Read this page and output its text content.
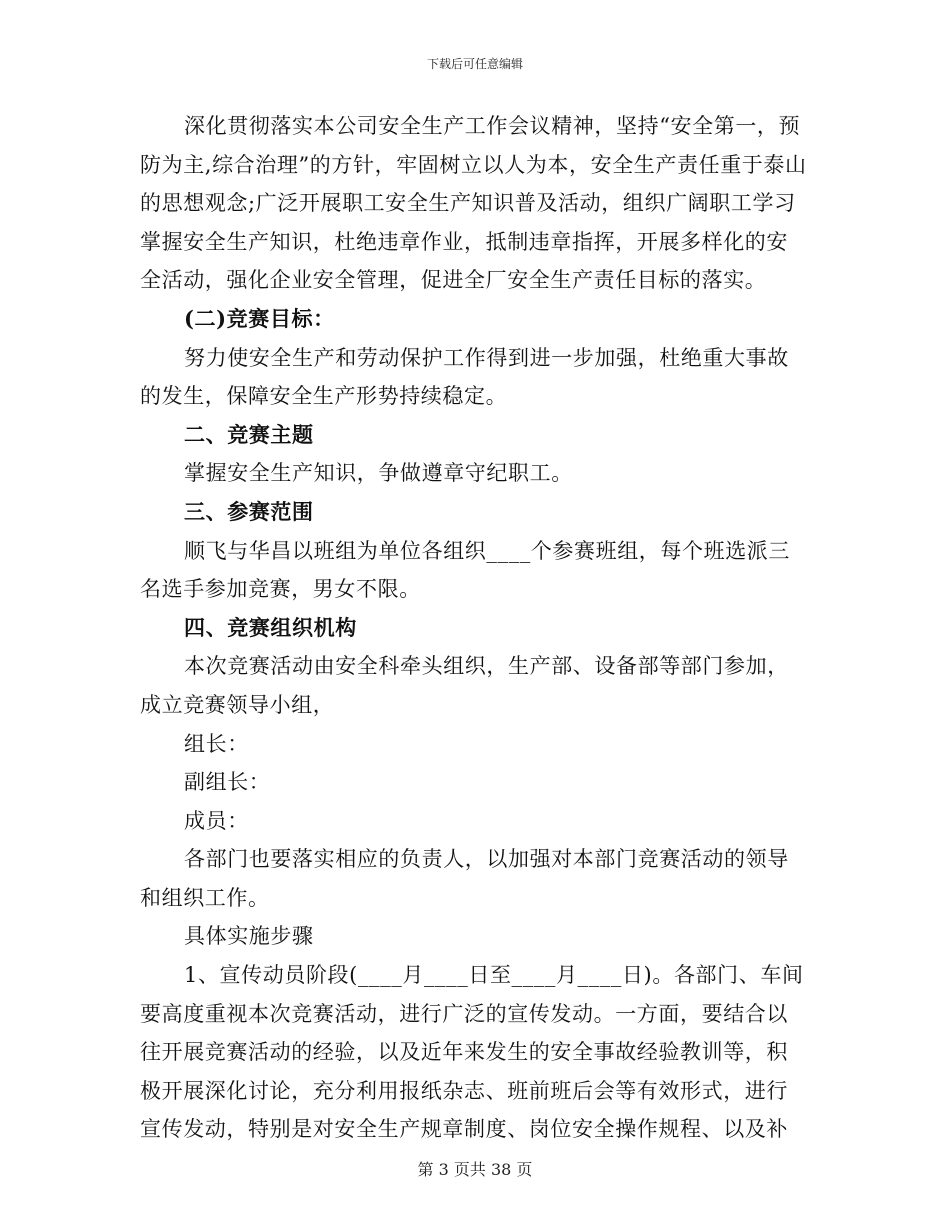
下载后可任意编辑

深化贯彻落实本公司安全生产工作会议精神，坚持“安全第一，预防为主,综合治理”的方针，牢固树立以人为本，安全生产责任重于泰山的思想观念;广泛开展职工安全生产知识普及活动，组织广阔职工学习掌握安全生产知识，杜绝违章作业，抵制违章指挥，开展多样化的安全活动，强化企业安全管理，促进全厂安全生产责任目标的落实。

(二)竞赛目标：

努力使安全生产和劳动保护工作得到进一步加强，杜绝重大事故的发生，保障安全生产形势持续稳定。

二、竞赛主题

掌握安全生产知识，争做遵章守纪职工。

三、参赛范围

顺飞与华昌以班组为单位各组织____个参赛班组，每个班选派三名选手参加竞赛，男女不限。

四、竞赛组织机构

本次竞赛活动由安全科牵头组织，生产部、设备部等部门参加，成立竞赛领导小组，

组长：

副组长：

成员：

各部门也要落实相应的负责人，以加强对本部门竞赛活动的领导和组织工作。

具体实施步骤

1、宣传动员阶段(____月____日至____月____日)。各部门、车间要高度重视本次竞赛活动，进行广泛的宣传发动。一方面，要结合以往开展竞赛活动的经验，以及近年来发生的安全事故经验教训等，积极开展深化讨论，充分利用报纸杂志、班前班后会等有效形式，进行宣传发动，特别是对安全生产规章制度、岗位安全操作规程、以及补

第 3 页共 38 页
